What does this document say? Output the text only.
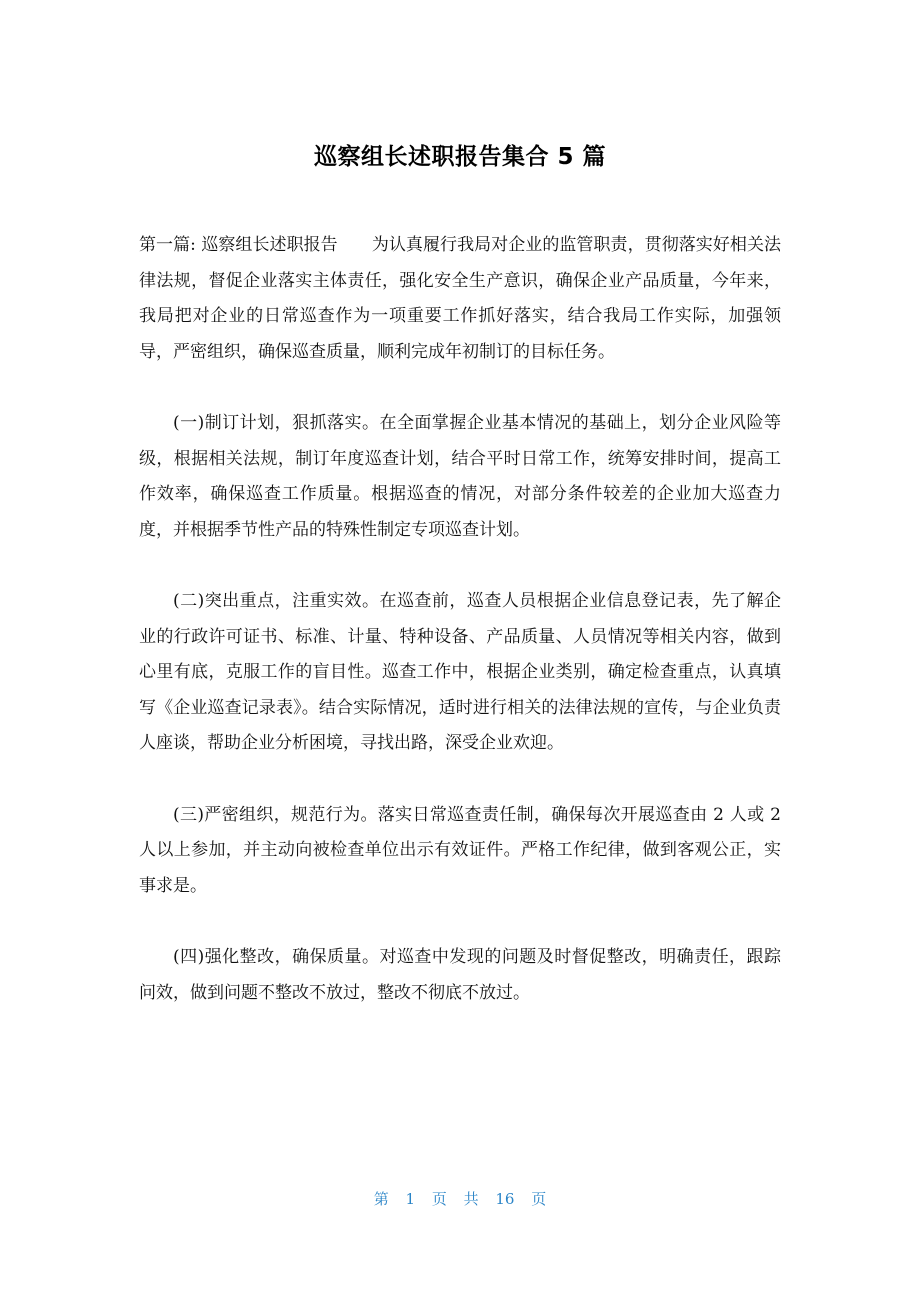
巡察组长述职报告集合 5 篇

第一篇: 巡察组长述职报告　　为认真履行我局对企业的监管职责，贯彻落实好相关法律法规，督促企业落实主体责任，强化安全生产意识，确保企业产品质量，今年来，我局把对企业的日常巡查作为一项重要工作抓好落实，结合我局工作实际，加强领导，严密组织，确保巡查质量，顺利完成年初制订的目标任务。

(一)制订计划，狠抓落实。在全面掌握企业基本情况的基础上，划分企业风险等级，根据相关法规，制订年度巡查计划，结合平时日常工作，统筹安排时间，提高工作效率，确保巡查工作质量。根据巡查的情况，对部分条件较差的企业加大巡查力度，并根据季节性产品的特殊性制定专项巡查计划。

(二)突出重点，注重实效。在巡查前，巡查人员根据企业信息登记表，先了解企业的行政许可证书、标准、计量、特种设备、产品质量、人员情况等相关内容，做到心里有底，克服工作的盲目性。巡查工作中，根据企业类别，确定检查重点，认真填写《企业巡查记录表》。结合实际情况，适时进行相关的法律法规的宣传，与企业负责人座谈，帮助企业分析困境，寻找出路，深受企业欢迎。

(三)严密组织，规范行为。落实日常巡查责任制，确保每次开展巡查由 2 人或 2 人以上参加，并主动向被检查单位出示有效证件。严格工作纪律，做到客观公正，实事求是。

(四)强化整改，确保质量。对巡查中发现的问题及时督促整改，明确责任，跟踪问效，做到问题不整改不放过，整改不彻底不放过。

第 1 页 共 16 页
